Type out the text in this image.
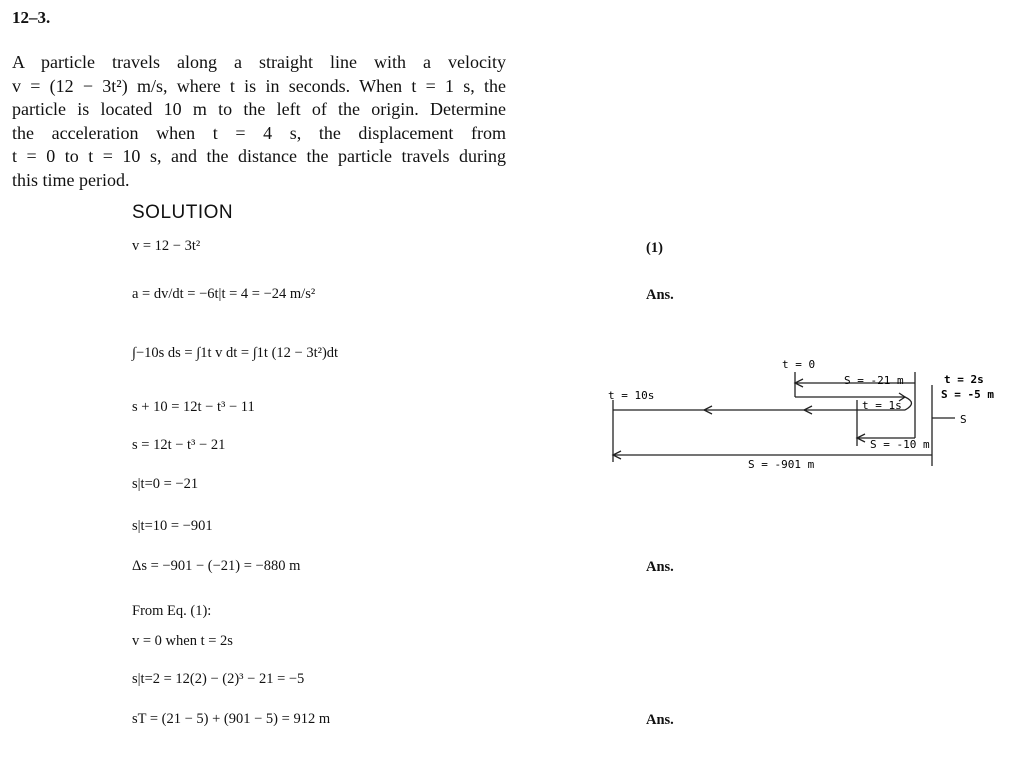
12–3.
A particle travels along a straight line with a velocity
v = (12 − 3t²) m/s, where t is in seconds. When t = 1 s, the
particle is located 10 m to the left of the origin. Determine
the acceleration when t = 4 s, the displacement from
t = 0 to t = 10 s, and the distance the particle travels during
this time period.
SOLUTION
v = 12 − 3t²	(1)
a = dv/dt = −6t|t = 4 = −24 m/s²	Ans.
∫−10s ds = ∫1t v dt = ∫1t (12 − 3t²)dt
s + 10 = 12t − t³ − 11
s = 12t − t³ − 21
s|t=0 = −21
s|t=10 = −901
Δs = −901 − (−21) = −880 m	Ans.
From Eq. (1):
v = 0 when t = 2s
s|t=2 = 12(2) − (2)³ − 21 = −5
sT = (21 − 5) + (901 − 5) = 912 m	Ans.
t = 0
t = 10s
t = 2s
S = -5 m
S
S = -21 m
t = 1s
S = -10 m
S = -901 m
